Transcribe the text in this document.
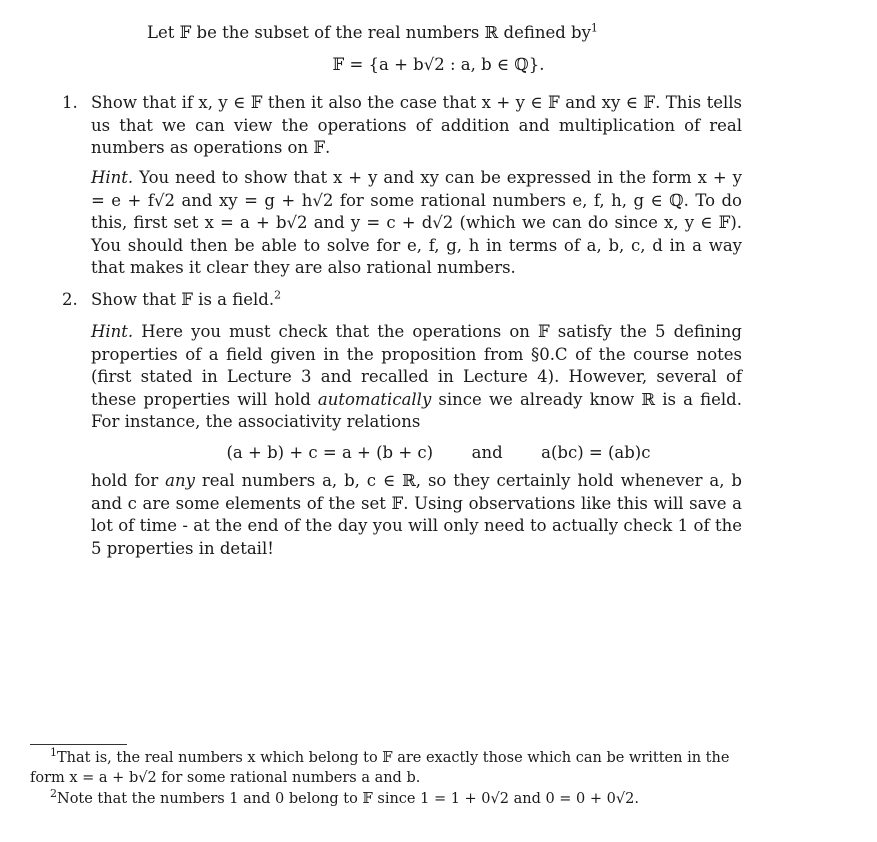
Let 𝔽 be the subset of the real numbers ℝ defined $by^1$
𝔽 = {a + b√2 : a, b ∈ ℚ}.
1. Show that if x, y ∈ 𝔽 then it also the case that x + y ∈ 𝔽 and xy ∈ 𝔽. This tells us that we can view the operations of addition and multiplication of real numbers as operations on 𝔽.
Hint. You need to show that x + y and xy can be expressed in the form x + y = e + f√2 and xy = g + h√2 for some rational numbers e, f, h, g ∈ ℚ. To do this, first set x = a + b√2 and y = c + d√2 (which we can do since x, y ∈ 𝔽). You should then be able to solve for e, f, g, h in terms of a, b, c, d in a way that makes it clear they are also rational numbers.
2. Show that 𝔽 is a field.$^2$
Hint. Here you must check that the operations on 𝔽 satisfy the 5 defining properties of a field given in the proposition from §0.C of the course notes (first stated in Lecture 3 and recalled in Lecture 4). However, several of these properties will hold automatically since we already know ℝ is a field. For instance, the associativity relations
(a + b) + c = a + (b + c) and a(bc) = (ab)c
hold for any real numbers a, b, c ∈ ℝ, so they certainly hold whenever a, b and c are some elements of the set 𝔽. Using observations like this will save a lot of time - at the end of the day you will only need to actually check 1 of the 5 properties in detail!
$^1$That is, the real numbers x which belong to 𝔽 are exactly those which can be written in the form x = a + b√2 for some rational numbers a and b.
$^2$Note that the numbers 1 and 0 belong to 𝔽 since 1 = 1 + 0√2 and 0 = 0 + 0√2.
